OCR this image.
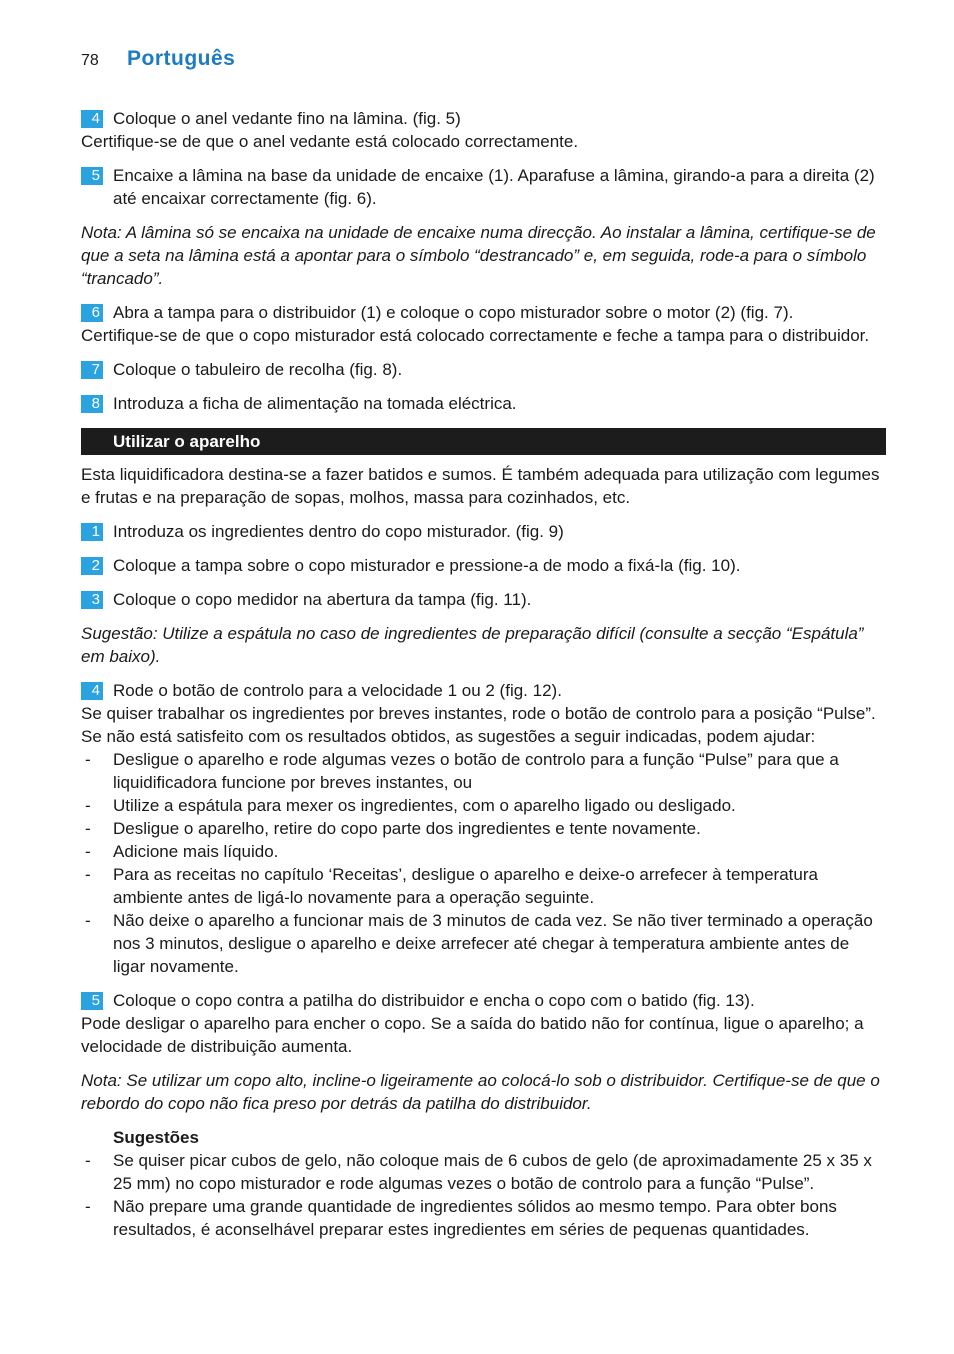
78	Português
4 Coloque o anel vedante fino na lâmina. (fig. 5)

Certifique-se de que o anel vedante está colocado correctamente.

5 Encaixe a lâmina na base da unidade de encaixe (1). Aparafuse a lâmina, girando-a para a direita (2) até encaixar correctamente (fig. 6).

Nota: A lâmina só se encaixa na unidade de encaixe numa direcção. Ao instalar a lâmina, certifique-se de que a seta na lâmina está a apontar para o símbolo “destrancado” e, em seguida, rode-a para o símbolo “trancado”.

6 Abra a tampa para o distribuidor (1) e coloque o copo misturador sobre o motor (2) (fig. 7).

Certifique-se de que o copo misturador está colocado correctamente e feche a tampa para o distribuidor.

7 Coloque o tabuleiro de recolha (fig. 8).

8 Introduza a ficha de alimentação na tomada eléctrica.

Utilizar o aparelho

Esta liquidificadora destina-se a fazer batidos e sumos. É também adequada para utilização com legumes e frutas e na preparação de sopas, molhos, massa para cozinhados, etc.

1 Introduza os ingredientes dentro do copo misturador. (fig. 9)

2 Coloque a tampa sobre o copo misturador e pressione-a de modo a fixá-la (fig. 10).

3 Coloque o copo medidor na abertura da tampa (fig. 11).

Sugestão: Utilize a espátula no caso de ingredientes de preparação difícil (consulte a secção “Espátula” em baixo).

4 Rode o botão de controlo para a velocidade 1 ou 2 (fig. 12).

Se quiser trabalhar os ingredientes por breves instantes, rode o botão de controlo para a posição “Pulse”.

Se não está satisfeito com os resultados obtidos, as sugestões a seguir indicadas, podem ajudar:

- Desligue o aparelho e rode algumas vezes o botão de controlo para a função “Pulse” para que a liquidificadora funcione por breves instantes, ou
- Utilize a espátula para mexer os ingredientes, com o aparelho ligado ou desligado.
- Desligue o aparelho, retire do copo parte dos ingredientes e tente novamente.
- Adicione mais líquido.
- Para as receitas no capítulo ‘Receitas’, desligue o aparelho e deixe-o arrefecer à temperatura ambiente antes de ligá-lo novamente para a operação seguinte.
- Não deixe o aparelho a funcionar mais de 3 minutos de cada vez. Se não tiver terminado a operação nos 3 minutos, desligue o aparelho e deixe arrefecer até chegar à temperatura ambiente antes de ligar novamente.
5 Coloque o copo contra a patilha do distribuidor e encha o copo com o batido (fig. 13).

Pode desligar o aparelho para encher o copo. Se a saída do batido não for contínua, ligue o aparelho; a velocidade de distribuição aumenta.

Nota: Se utilizar um copo alto, incline-o ligeiramente ao colocá-lo sob o distribuidor. Certifique-se de que o rebordo do copo não fica preso por detrás da patilha do distribuidor.

Sugestões

- Se quiser picar cubos de gelo, não coloque mais de 6 cubos de gelo (de aproximadamente 25 x 35 x 25 mm) no copo misturador e rode algumas vezes o botão de controlo para a função “Pulse”.
- Não prepare uma grande quantidade de ingredientes sólidos ao mesmo tempo. Para obter bons resultados, é aconselhável preparar estes ingredientes em séries de pequenas quantidades.
